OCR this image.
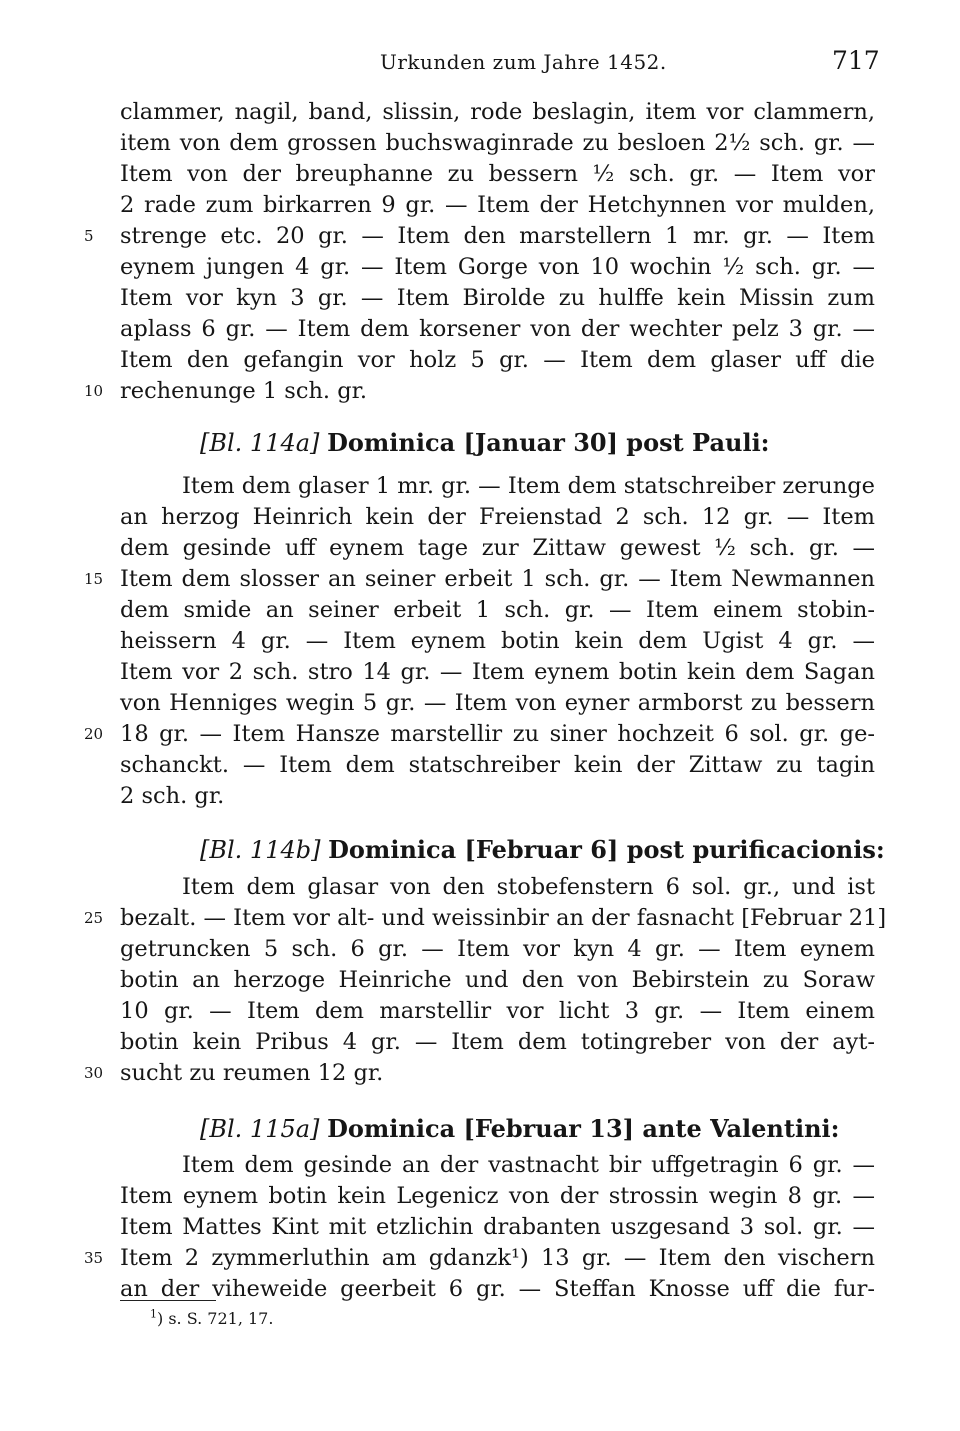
Urkunden zum Jahre 1452.	717
clammer, nagil, band, slissin, rode beslagin, item vor clammern,
item von dem grossen buchswaginrade zu besloen 2½ sch. gr. —
Item von der breuphanne zu bessern ½ sch. gr. — Item vor
2 rade zum birkarren 9 gr. — Item der Hetchynnen vor mulden,
strenge etc. 20 gr. — Item den marstellern 1 mr. gr. — Item
eynem jungen 4 gr. — Item Gorge von 10 wochin ½ sch. gr. —
Item vor kyn 3 gr. — Item Birolde zu hulffe kein Missin zum
aplass 6 gr. — Item dem korsener von der wechter pelz 3 gr. —
Item den gefangin vor holz 5 gr. — Item dem glaser uff die
rechenunge 1 sch. gr.
[Bl. 114a] Dominica [Januar 30] post Pauli:
Item dem glaser 1 mr. gr. — Item dem statschreiber zerunge
an herzog Heinrich kein der Freienstad 2 sch. 12 gr. — Item
dem gesinde uff eynem tage zur Zittaw gewest ½ sch. gr. —
Item dem slosser an seiner erbeit 1 sch. gr. — Item Newmannen
dem smide an seiner erbeit 1 sch. gr. — Item einem stobin-
heissern 4 gr. — Item eynem botin kein dem Ugist 4 gr. —
Item vor 2 sch. stro 14 gr. — Item eynem botin kein dem Sagan
von Henniges wegin 5 gr. — Item von eyner armborst zu bessern
18 gr. — Item Hansze marstellir zu siner hochzeit 6 sol. gr. ge-
schanckt. — Item dem statschreiber kein der Zittaw zu tagin
2 sch. gr.
[Bl. 114b] Dominica [Februar 6] post purificacionis:
Item dem glasar von den stobefenstern 6 sol. gr., und ist
bezalt. — Item vor alt- und weissinbir an der fasnacht [Februar 21]
getruncken 5 sch. 6 gr. — Item vor kyn 4 gr. — Item eynem
botin an herzoge Heinriche und den von Bebirstein zu Soraw
10 gr. — Item dem marstellir vor licht 3 gr. — Item einem
botin kein Pribus 4 gr. — Item dem totingreber von der ayt-
sucht zu reumen 12 gr.
[Bl. 115a] Dominica [Februar 13] ante Valentini:
Item dem gesinde an der vastnacht bir uffgetragin 6 gr. —
Item eynem botin kein Legenicz von der strossin wegin 8 gr. —
Item Mattes Kint mit etzlichin drabanten uszgesand 3 sol. gr. —
Item 2 zymmerluthin am gdanzk¹) 13 gr. — Item den vischern
an der viheweide geerbeit 6 gr. — Steffan Knosse uff die fur-
5
10
15
20
25
30
35
$^1$) s. S. 721, 17.
